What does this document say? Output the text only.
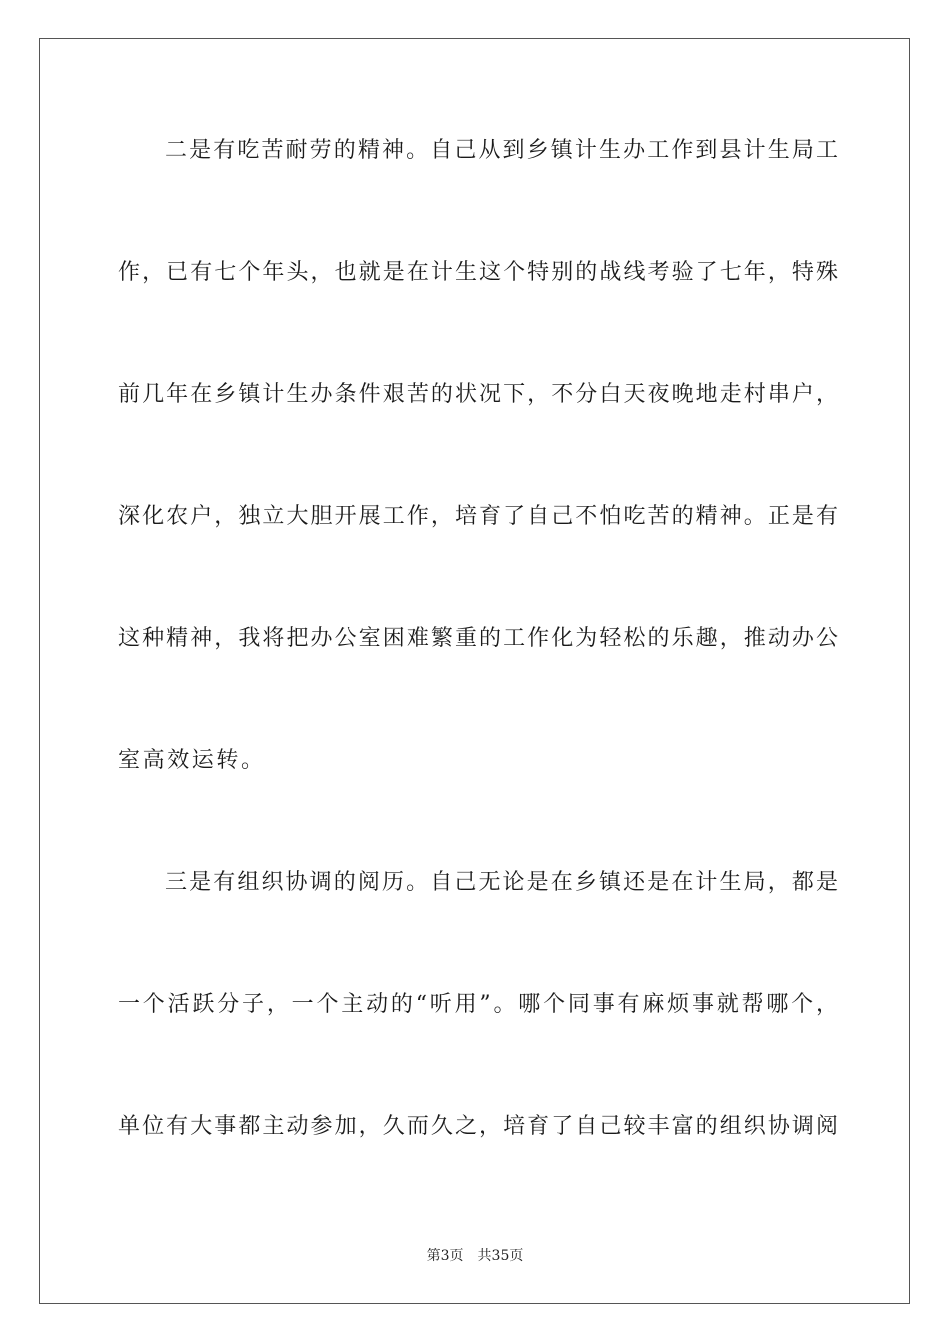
二是有吃苦耐劳的精神。自己从到乡镇计生办工作到县计生局工
作，已有七个年头，也就是在计生这个特别的战线考验了七年，特殊
前几年在乡镇计生办条件艰苦的状况下，不分白天夜晚地走村串户，
深化农户，独立大胆开展工作，培育了自己不怕吃苦的精神。正是有
这种精神，我将把办公室困难繁重的工作化为轻松的乐趣，推动办公
室高效运转。
三是有组织协调的阅历。自己无论是在乡镇还是在计生局，都是
一个活跃分子，一个主动的“听用”。哪个同事有麻烦事就帮哪个，
单位有大事都主动参加，久而久之，培育了自己较丰富的组织协调阅
第3页 共35页
